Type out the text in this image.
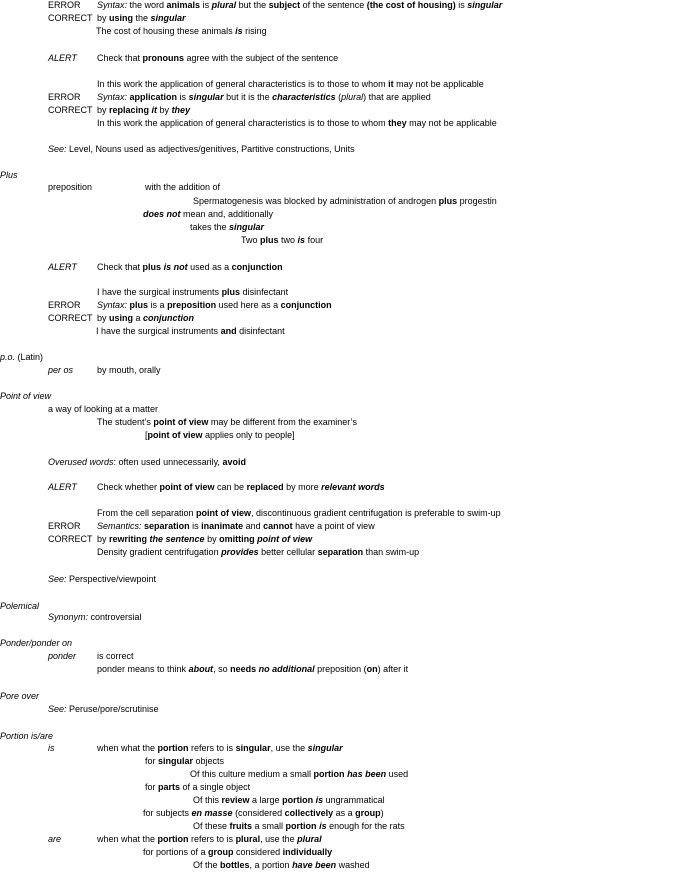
ERROR Syntax: the word animals is plural but the subject of the sentence (the cost of housing) is singular
CORRECT by using the singular
The cost of housing these animals is rising
ALERT Check that pronouns agree with the subject of the sentence
In this work the application of general characteristics is to those to whom it may not be applicable
ERROR Syntax: application is singular but it is the characteristics (plural) that are applied
CORRECT by replacing it by they
In this work the application of general characteristics is to those to whom they may not be applicable
See: Level, Nouns used as adjectives/genitives, Partitive constructions, Units
Plus
preposition	with the addition of
Spermatogenesis was blocked by administration of androgen plus progestin
does not mean and, additionally
takes the singular
Two plus two is four
ALERT Check that plus is not used as a conjunction
I have the surgical instruments plus disinfectant
ERROR Syntax: plus is a preposition used here as a conjunction
CORRECT by using a conjunction
I have the surgical instruments and disinfectant
p.o. (Latin)
per os	by mouth, orally
Point of view
a way of looking at a matter
The student’s point of view may be different from the examiner’s
[point of view applies only to people]
Overused words: often used unnecessarily, avoid
ALERT Check whether point of view can be replaced by more relevant words
From the cell separation point of view, discontinuous gradient centrifugation is preferable to swim-up
ERROR Semantics: separation is inanimate and cannot have a point of view
CORRECT by rewriting the sentence by omitting point of view
Density gradient centrifugation provides better cellular separation than swim-up
See: Perspective/viewpoint
Polemical
Synonym: controversial
Ponder/ponder on
ponder is correct
ponder means to think about, so needs no additional preposition (on) after it
Pore over
See: Peruse/pore/scrutinise
Portion is/are
is	when what the portion refers to is singular, use the singular
for singular objects
Of this culture medium a small portion has been used
for parts of a single object
Of this review a large portion is ungrammatical
for subjects en masse (considered collectively as a group)
Of these fruits a small portion is enough for the rats
are	when what the portion refers to is plural, use the plural
for portions of a group considered individually
Of the bottles, a portion have been washed
